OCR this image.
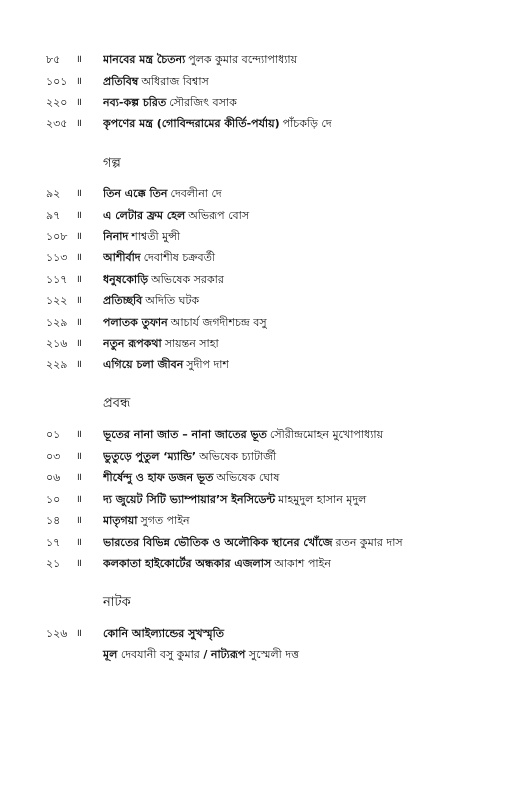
৮৫	॥ মানবের মন্ত্র চৈতন্য পুলক কুমার বন্দ্যোপাধ্যায়
১০১ ॥ প্রতিবিম্ব অধিরাজ বিশ্বাস
২২০ ॥ নব্য-কল্প চরিত সৌরজিৎ বসাক
২৩৫ ॥ কৃপণের মন্ত্র (গোবিন্দরামের কীর্তি-পর্যায়) পাঁচকড়ি দে
গল্প
৯২	॥ তিন এক্কে তিন দেবলীনা দে
৯৭	॥ এ লেটার ফ্রম হেল অভিরূপ বোস
১০৮ ॥ নিনাদ শাশ্বতী মুন্সী
১১৩ ॥ আশীর্বাদ দেবাশীষ চক্রবর্তী
১১৭ ॥ ধনুষকোড়ি অভিষেক সরকার
১২২ ॥ প্রতিচ্ছবি অদিতি ঘটক
১২৯ ॥ পলাতক তুফান আচার্য জগদীশচন্দ্র বসু
২১৬ ॥ নতুন রূপকথা সায়ন্তন সাহা
২২৯ ॥ এগিয়ে চলা জীবন সুদীপ দাশ
প্রবন্ধ
০১	॥ ভূতের নানা জাত – নানা জাতের ভূত সৌরীন্দ্রমোহন মুখোপাধ্যায়
০৩	॥ ভুতুড়ে পুতুল ‘ম্যান্ডি’ অভিষেক চ্যাটার্জী
০৬	॥ শীর্ষেন্দু ও হাফ ডজন ভূত অভিষেক ঘোষ
১০	॥ দ্য জুয়েট সিটি ভ্যাম্পায়ার’স ইনসিডেন্ট মাহমুদুল হাসান মৃদুল
১৪	॥ মাতৃগয়া সুগত পাইন
১৭	॥ ভারতের বিভিন্ন ভৌতিক ও অলৌকিক স্থানের খোঁজে রতন কুমার দাস
২১	॥ কলকাতা হাইকোর্টের অন্ধকার এজলাস আকাশ পাইন
নাটক
১২৬ ॥ কোনি আইল্যান্ডের সুখস্মৃতি
মূল দেবযানী বসু কুমার / নাট্যরূপ সুস্মেলী দত্ত
